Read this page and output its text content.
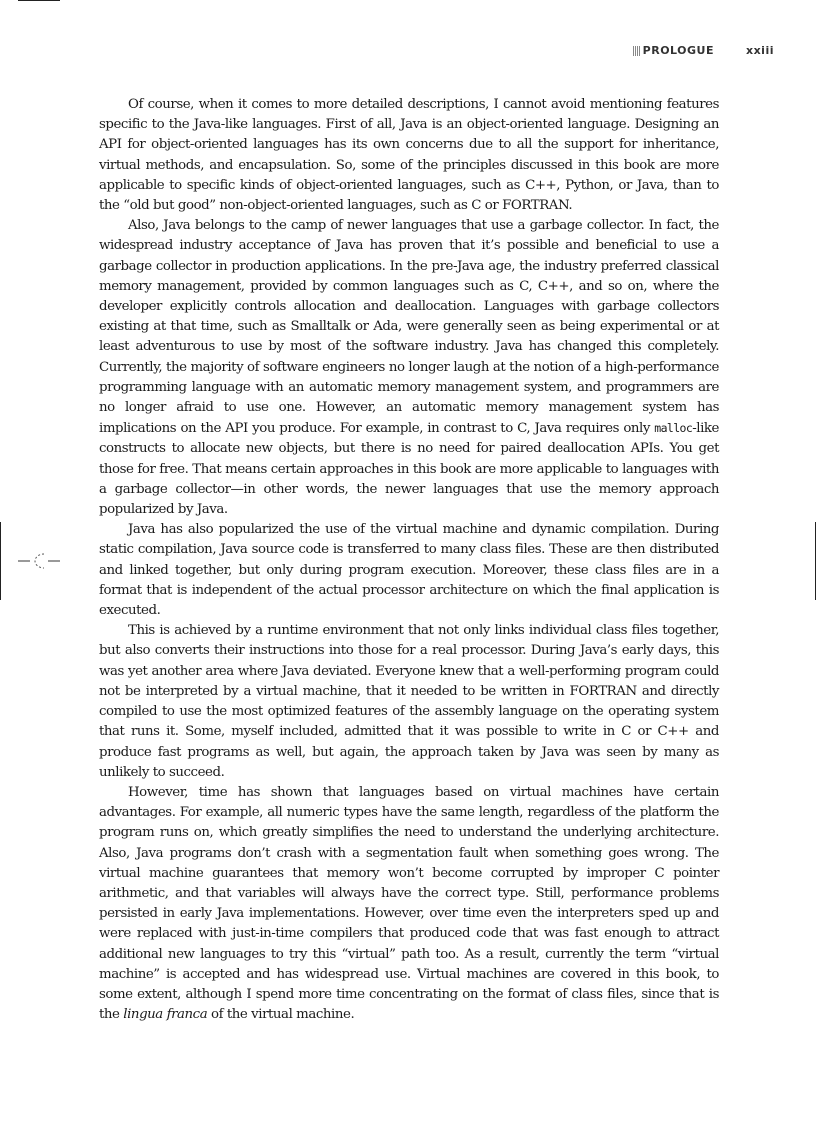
PROLOGUE	xxiii

Of course, when it comes to more detailed descriptions, I cannot avoid mentioning features specific to the Java-like languages. First of all, Java is an object-oriented language. Designing an API for object-oriented languages has its own concerns due to all the support for inheritance, virtual methods, and encapsulation. So, some of the principles discussed in this book are more applicable to specific kinds of object-oriented languages, such as C++, Python, or Java, than to the “old but good” non-object-oriented languages, such as C or FORTRAN.

Also, Java belongs to the camp of newer languages that use a garbage collector. In fact, the widespread industry acceptance of Java has proven that it’s possible and beneficial to use a garbage collector in production applications. In the pre-Java age, the industry preferred classical memory management, provided by common languages such as C, C++, and so on, where the developer explicitly controls allocation and deallocation. Languages with garbage collectors existing at that time, such as Smalltalk or Ada, were generally seen as being experimental or at least adventurous to use by most of the software industry. Java has changed this completely. Currently, the majority of software engineers no longer laugh at the notion of a high-performance programming language with an automatic memory management system, and programmers are no longer afraid to use one. However, an automatic memory management system has implications on the API you produce. For example, in contrast to C, Java requires only malloc-like constructs to allocate new objects, but there is no need for paired deallocation APIs. You get those for free. That means certain approaches in this book are more applicable to languages with a garbage collector—in other words, the newer languages that use the memory approach popularized by Java.

Java has also popularized the use of the virtual machine and dynamic compilation. During static compilation, Java source code is transferred to many class files. These are then distributed and linked together, but only during program execution. Moreover, these class files are in a format that is independent of the actual processor architecture on which the final application is executed.

This is achieved by a runtime environment that not only links individual class files together, but also converts their instructions into those for a real processor. During Java’s early days, this was yet another area where Java deviated. Everyone knew that a well-performing program could not be interpreted by a virtual machine, that it needed to be written in FORTRAN and directly compiled to use the most optimized features of the assembly language on the operating system that runs it. Some, myself included, admitted that it was possible to write in C or C++ and produce fast programs as well, but again, the approach taken by Java was seen by many as unlikely to succeed.

However, time has shown that languages based on virtual machines have certain advantages. For example, all numeric types have the same length, regardless of the platform the program runs on, which greatly simplifies the need to understand the underlying architecture. Also, Java programs don’t crash with a segmentation fault when something goes wrong. The virtual machine guarantees that memory won’t become corrupted by improper C pointer arithmetic, and that variables will always have the correct type. Still, performance problems persisted in early Java implementations. However, over time even the interpreters sped up and were replaced with just-in-time compilers that produced code that was fast enough to attract additional new languages to try this “virtual” path too. As a result, currently the term “virtual machine” is accepted and has widespread use. Virtual machines are covered in this book, to some extent, although I spend more time concentrating on the format of class files, since that is the lingua franca of the virtual machine.
